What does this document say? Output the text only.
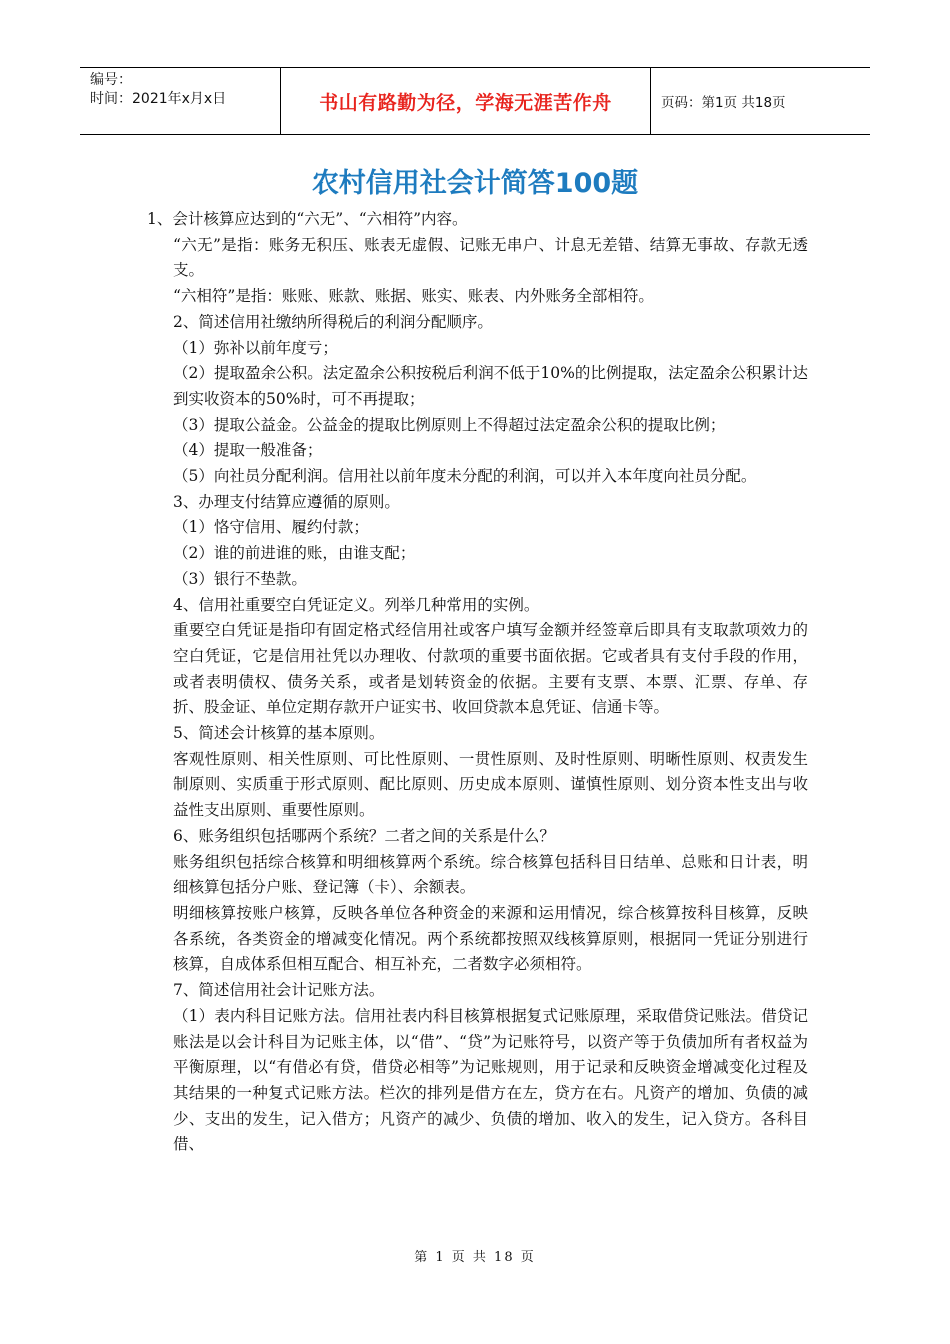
编号：
时间：2021年x月x日	书山有路勤为径，学海无涯苦作舟	页码：第1页 共18页
农村信用社会计简答100题

1、会计核算应达到的“六无”、“六相符”内容。

“六无”是指：账务无积压、账表无虚假、记账无串户、计息无差错、结算无事故、存款无透支。

“六相符”是指：账账、账款、账据、账实、账表、内外账务全部相符。

2、简述信用社缴纳所得税后的利润分配顺序。

（1）弥补以前年度亏；

（2）提取盈余公积。法定盈余公积按税后利润不低于10%的比例提取，法定盈余公积累计达到实收资本的50%时，可不再提取；

（3）提取公益金。公益金的提取比例原则上不得超过法定盈余公积的提取比例；

（4）提取一般准备；

（5）向社员分配利润。信用社以前年度未分配的利润，可以并入本年度向社员分配。

3、办理支付结算应遵循的原则。

（1）恪守信用、履约付款；

（2）谁的前进谁的账，由谁支配；

（3）银行不垫款。

4、信用社重要空白凭证定义。列举几种常用的实例。

重要空白凭证是指印有固定格式经信用社或客户填写金额并经签章后即具有支取款项效力的空白凭证，它是信用社凭以办理收、付款项的重要书面依据。它或者具有支付手段的作用，或者表明债权、债务关系，或者是划转资金的依据。主要有支票、本票、汇票、存单、存折、股金证、单位定期存款开户证实书、收回贷款本息凭证、信通卡等。

5、简述会计核算的基本原则。

客观性原则、相关性原则、可比性原则、一贯性原则、及时性原则、明晰性原则、权责发生制原则、实质重于形式原则、配比原则、历史成本原则、谨慎性原则、划分资本性支出与收益性支出原则、重要性原则。

6、账务组织包括哪两个系统？二者之间的关系是什么？

账务组织包括综合核算和明细核算两个系统。综合核算包括科目日结单、总账和日计表，明细核算包括分户账、登记簿（卡）、余额表。

明细核算按账户核算，反映各单位各种资金的来源和运用情况，综合核算按科目核算，反映各系统，各类资金的增减变化情况。两个系统都按照双线核算原则，根据同一凭证分别进行核算，自成体系但相互配合、相互补充，二者数字必须相符。

7、简述信用社会计记账方法。

（1）表内科目记账方法。信用社表内科目核算根据复式记账原理，采取借贷记账法。借贷记账法是以会计科目为记账主体，以“借”、“贷”为记账符号，以资产等于负债加所有者权益为平衡原理，以“有借必有贷，借贷必相等”为记账规则，用于记录和反映资金增减变化过程及其结果的一种复式记账方法。栏次的排列是借方在左，贷方在右。凡资产的增加、负债的减少、支出的发生，记入借方；凡资产的减少、负债的增加、收入的发生，记入贷方。各科目借、

第 1 页 共 18 页
